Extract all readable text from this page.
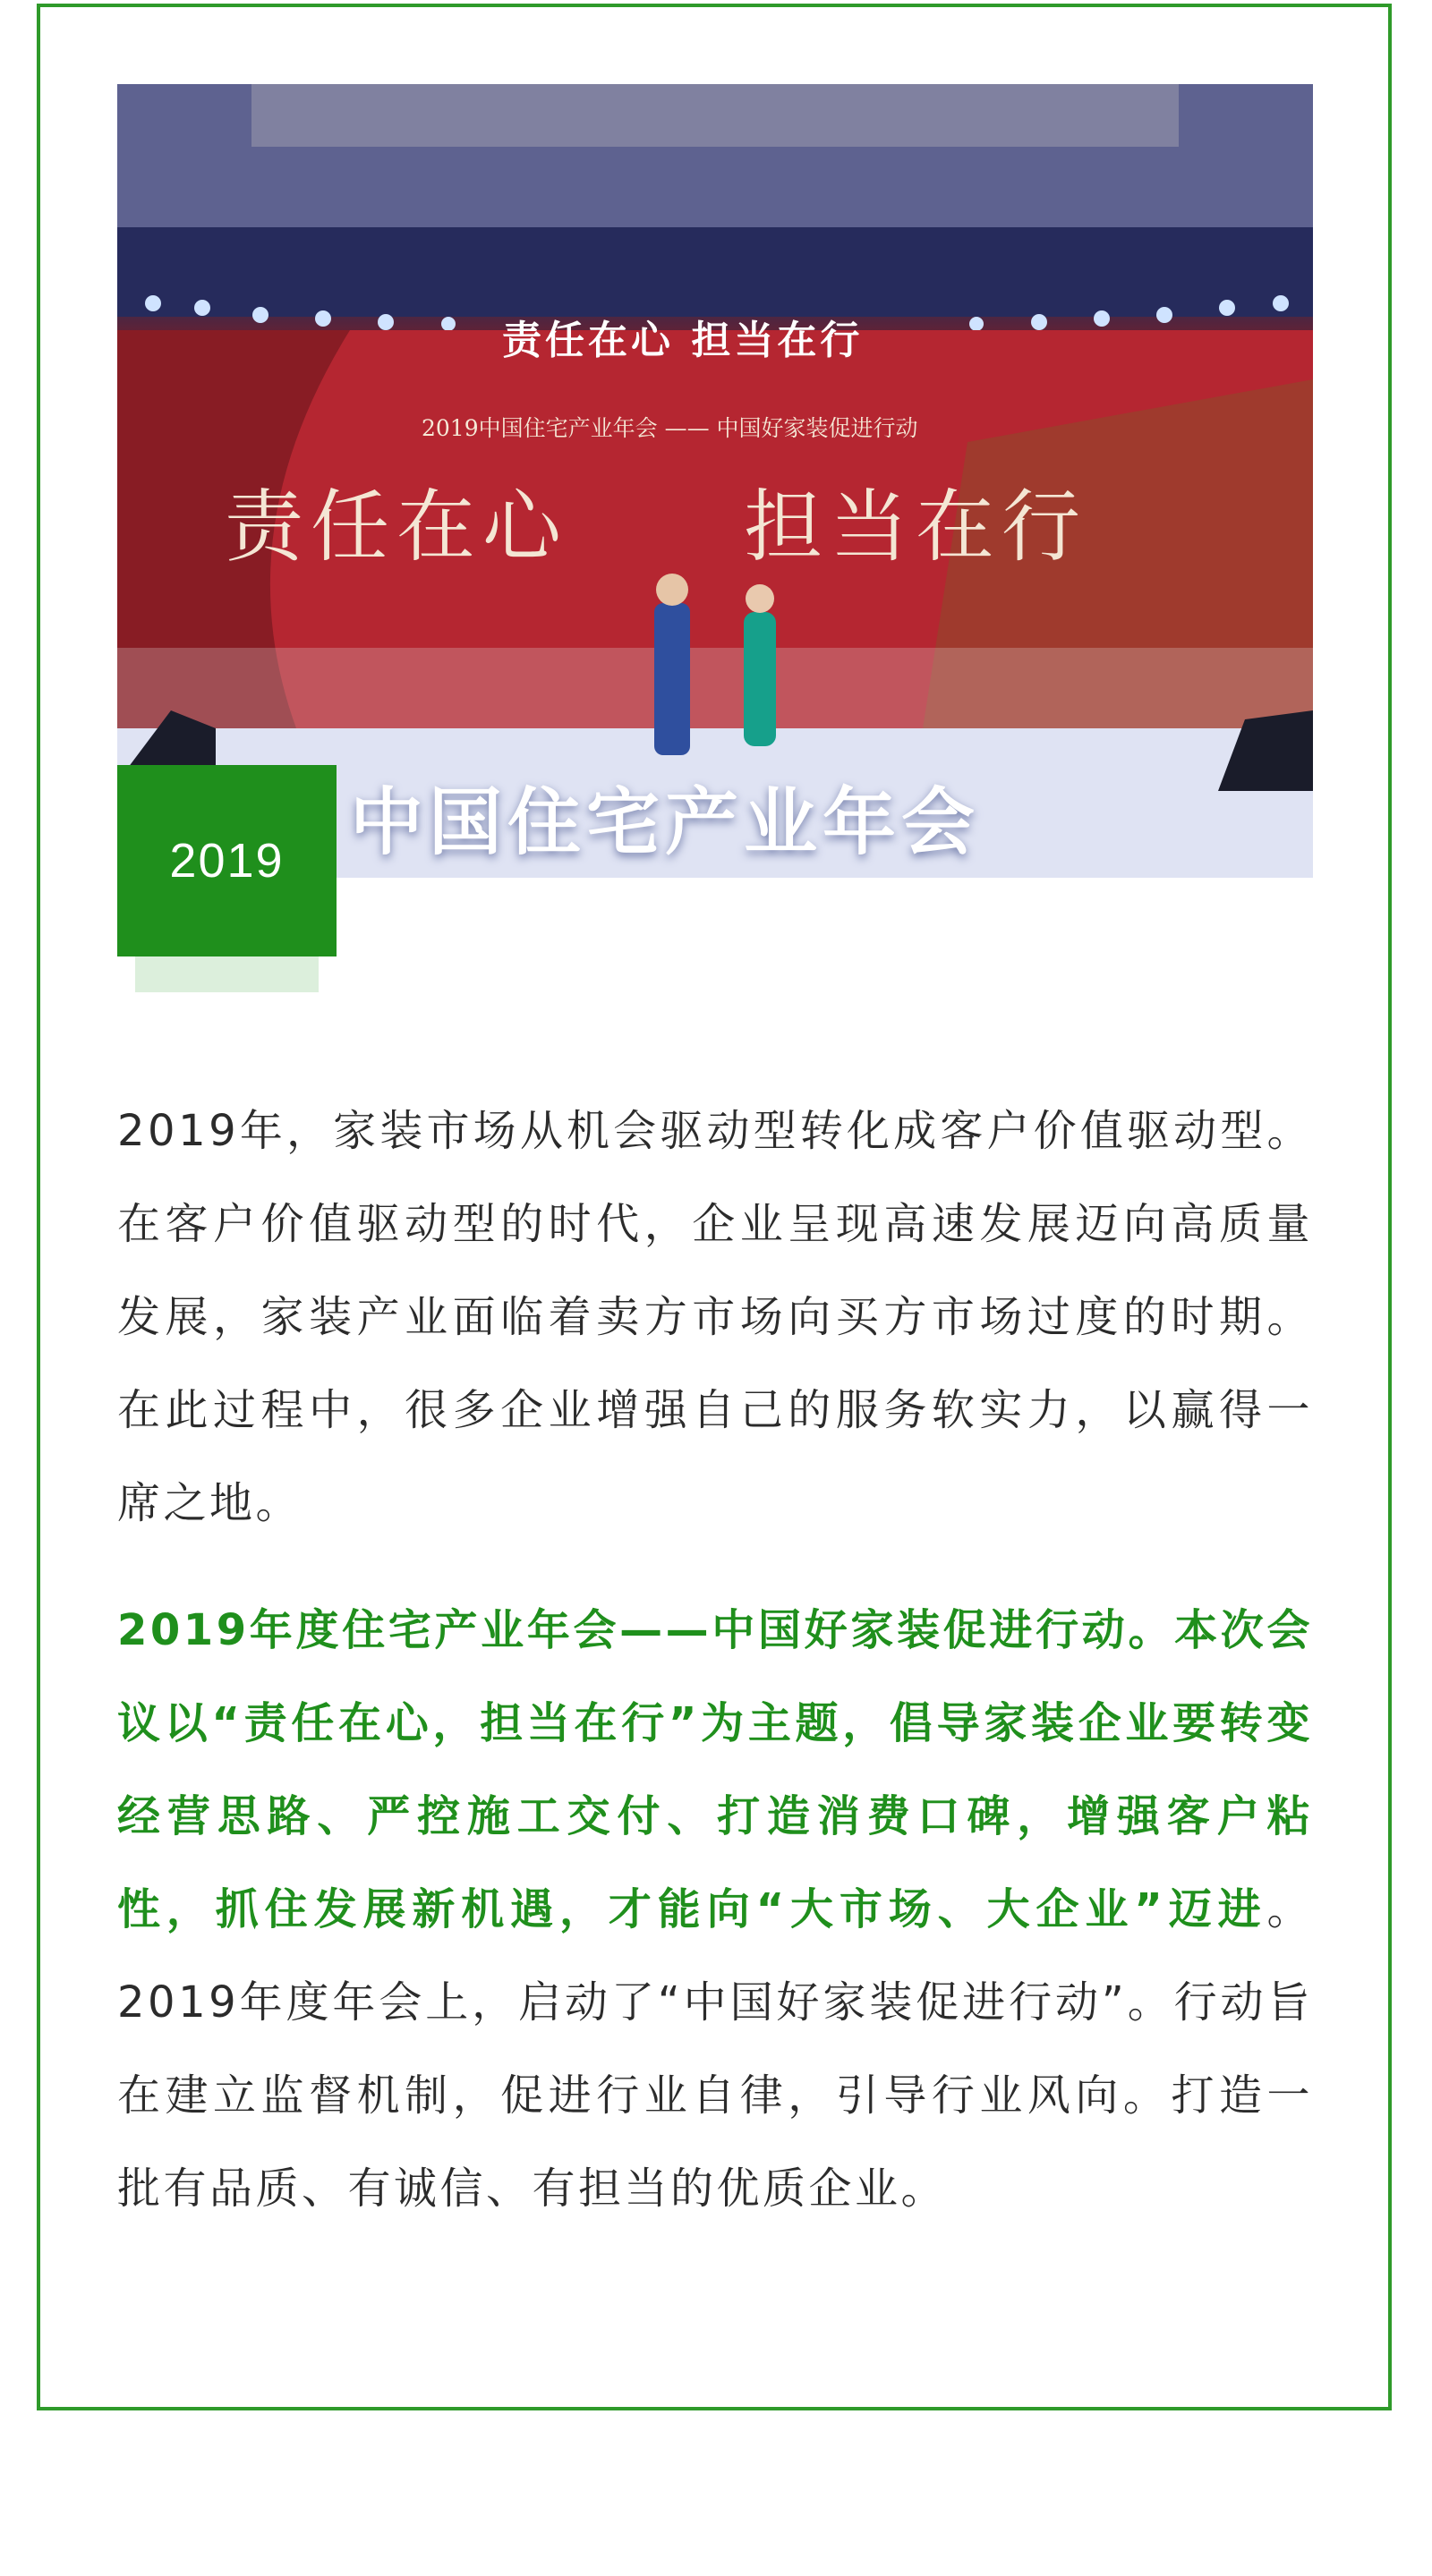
责任在心 担当在行
2019中国住宅产业年会 —— 中国好家装促进行动
责任在心 担当在行
中国住宅产业年会
2019

2019年，家装市场从机会驱动型转化成客户价值驱动型。在客户价值驱动型的时代，企业呈现高速发展迈向高质量发展，家装产业面临着卖方市场向买方市场过度的时期。在此过程中，很多企业增强自己的服务软实力，以赢得一席之地。

2019年度住宅产业年会——中国好家装促进行动。本次会议以“责任在心，担当在行”为主题，倡导家装企业要转变经营思路、严控施工交付、打造消费口碑，增强客户粘性，抓住发展新机遇，才能向“大市场、大企业”迈进。2019年度年会上，启动了“中国好家装促进行动”。行动旨在建立监督机制，促进行业自律，引导行业风向。打造一批有品质、有诚信、有担当的优质企业。
